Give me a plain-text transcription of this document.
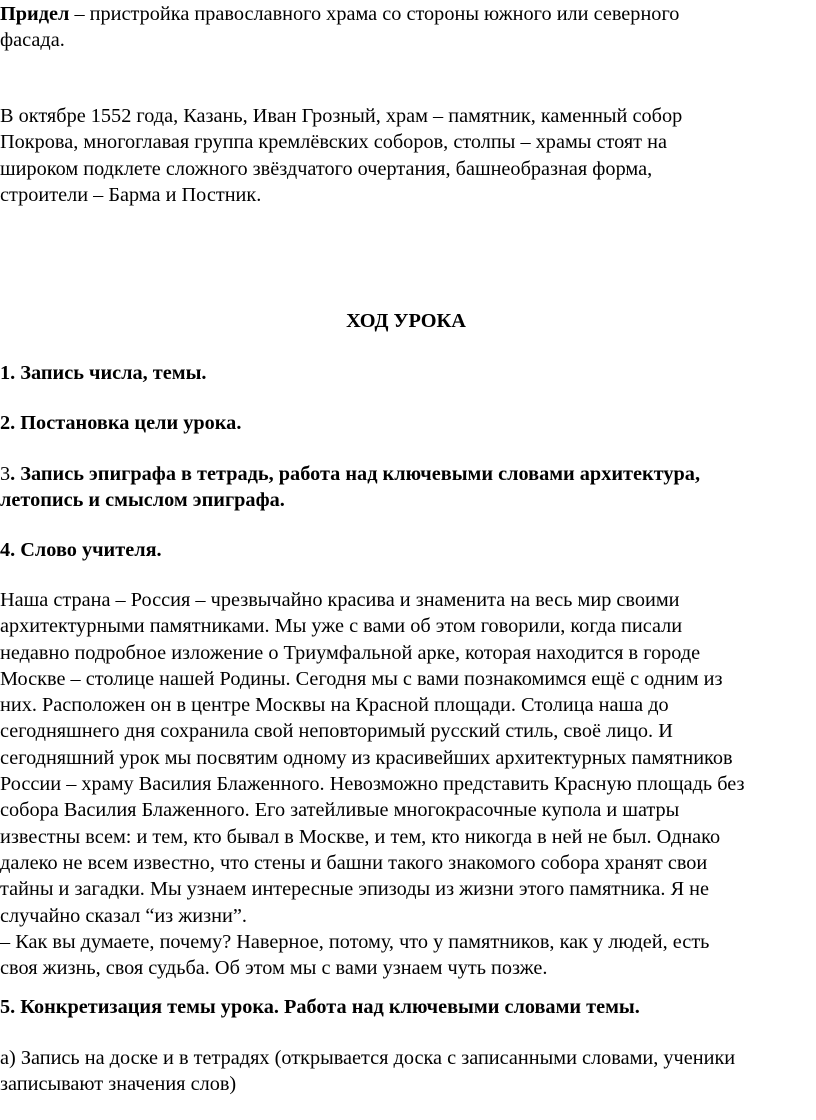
Придел – пристройка православного храма со стороны южного или северного
фасада.

В октябре 1552 года, Казань, Иван Грозный, храм – памятник, каменный собор
Покрова, многоглавая группа кремлёвских соборов, столпы – храмы стоят на
широком подклете сложного звёздчатого очертания, башнеобразная форма,
строители – Барма и Постник.

ХОД УРОКА

1. Запись числа, темы.

2. Постановка цели урока.

3. Запись эпиграфа в тетрадь, работа над ключевыми словами архитектура,
летопись и смыслом эпиграфа.

4. Слово учителя.

Наша страна – Россия – чрезвычайно красива и знаменита на весь мир своими
архитектурными памятниками. Мы уже с вами об этом говорили, когда писали
недавно подробное изложение о Триумфальной арке, которая находится в городе
Москве – столице нашей Родины. Сегодня мы с вами познакомимся ещё с одним из
них. Расположен он в центре Москвы на Красной площади. Столица наша до
сегодняшнего дня сохранила свой неповторимый русский стиль, своё лицо. И
сегодняшний урок мы посвятим одному из красивейших архитектурных памятников
России – храму Василия Блаженного. Невозможно представить Красную площадь без
собора Василия Блаженного. Его затейливые многокрасочные купола и шатры
известны всем: и тем, кто бывал в Москве, и тем, кто никогда в ней не был. Однако
далеко не всем известно, что стены и башни такого знакомого собора хранят свои
тайны и загадки. Мы узнаем интересные эпизоды из жизни этого памятника. Я не
случайно сказал “из жизни”.
– Как вы думаете, почему? Наверное, потому, что у памятников, как у людей, есть
своя жизнь, своя судьба. Об этом мы с вами узнаем чуть позже.

5. Конкретизация темы урока. Работа над ключевыми словами темы.

а) Запись на доске и в тетрадях (открывается доска с записанными словами, ученики
записывают значения слов)
